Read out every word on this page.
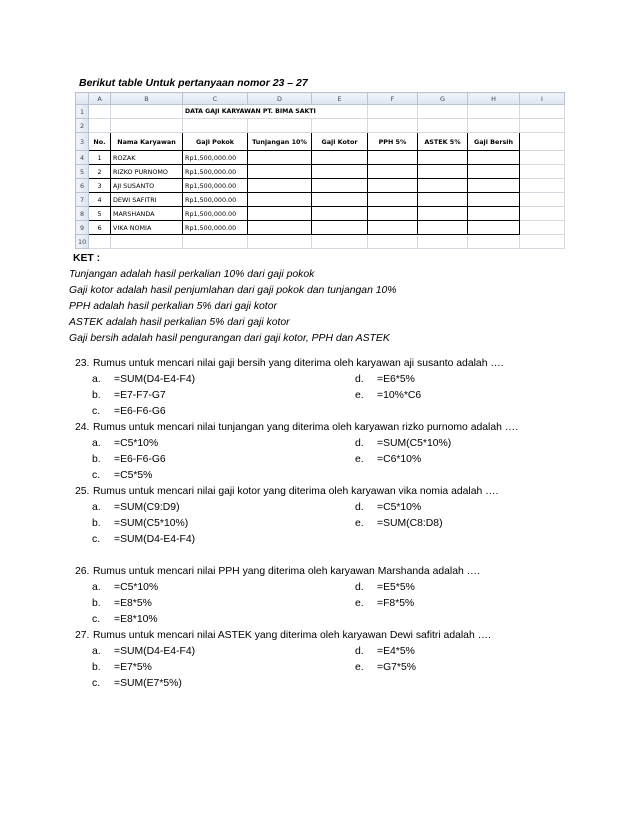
Berikut table Untuk pertanyaan nomor 23 – 27
	A	B	C	D	E	F	G	H	I
1			DATA GAJI KARYAWAN PT. BIMA SAKTI						
2									
3	No.	Nama Karyawan	Gaji Pokok	Tunjangan 10%	Gaji Kotor	PPH 5%	ASTEK 5%	Gaji Bersih	
4	1	ROZAK	Rp1,500,000.00						
5	2	RIZKO PURNOMO	Rp1,500,000.00						
6	3	AJI SUSANTO	Rp1,500,000.00						
7	4	DEWI SAFITRI	Rp1,500,000.00						
8	5	MARSHANDA	Rp1,500,000.00						
9	6	VIKA NOMIA	Rp1,500,000.00						
10									
KET :
Tunjangan adalah hasil perkalian 10% dari gaji pokok
Gaji kotor adalah hasil penjumlahan dari gaji pokok dan tunjangan 10%
PPH adalah hasil perkalian 5% dari gaji kotor
ASTEK adalah hasil perkalian 5% dari gaji kotor
Gaji bersih adalah hasil pengurangan dari gaji kotor, PPH dan ASTEK
23. Rumus untuk mencari nilai gaji bersih yang diterima oleh karyawan aji susanto adalah ….
a.	=SUM(D4-E4-F4)
b.	=E7-F7-G7
c.	=E6-F6-G6
d.	=E6*5%
e.	=10%*C6
24. Rumus untuk mencari nilai tunjangan yang diterima oleh karyawan rizko purnomo adalah ….
a.	=C5*10%
b.	=E6-F6-G6
c.	=C5*5%
d.	=SUM(C5*10%)
e.	=C6*10%
25. Rumus untuk mencari nilai gaji kotor yang diterima oleh karyawan vika nomia adalah ….
a.	=SUM(C9:D9)
b.	=SUM(C5*10%)
c.	=SUM(D4-E4-F4)
d.	=C5*10%
e.	=SUM(C8:D8)
26. Rumus untuk mencari nilai PPH yang diterima oleh karyawan Marshanda adalah ….
a.	=C5*10%
b.	=E8*5%
c.	=E8*10%
d.	=E5*5%
e.	=F8*5%
27. Rumus untuk mencari nilai ASTEK yang diterima oleh karyawan Dewi safitri adalah ….
a.	=SUM(D4-E4-F4)
b.	=E7*5%
c.	=SUM(E7*5%)
d.	=E4*5%
e.	=G7*5%
